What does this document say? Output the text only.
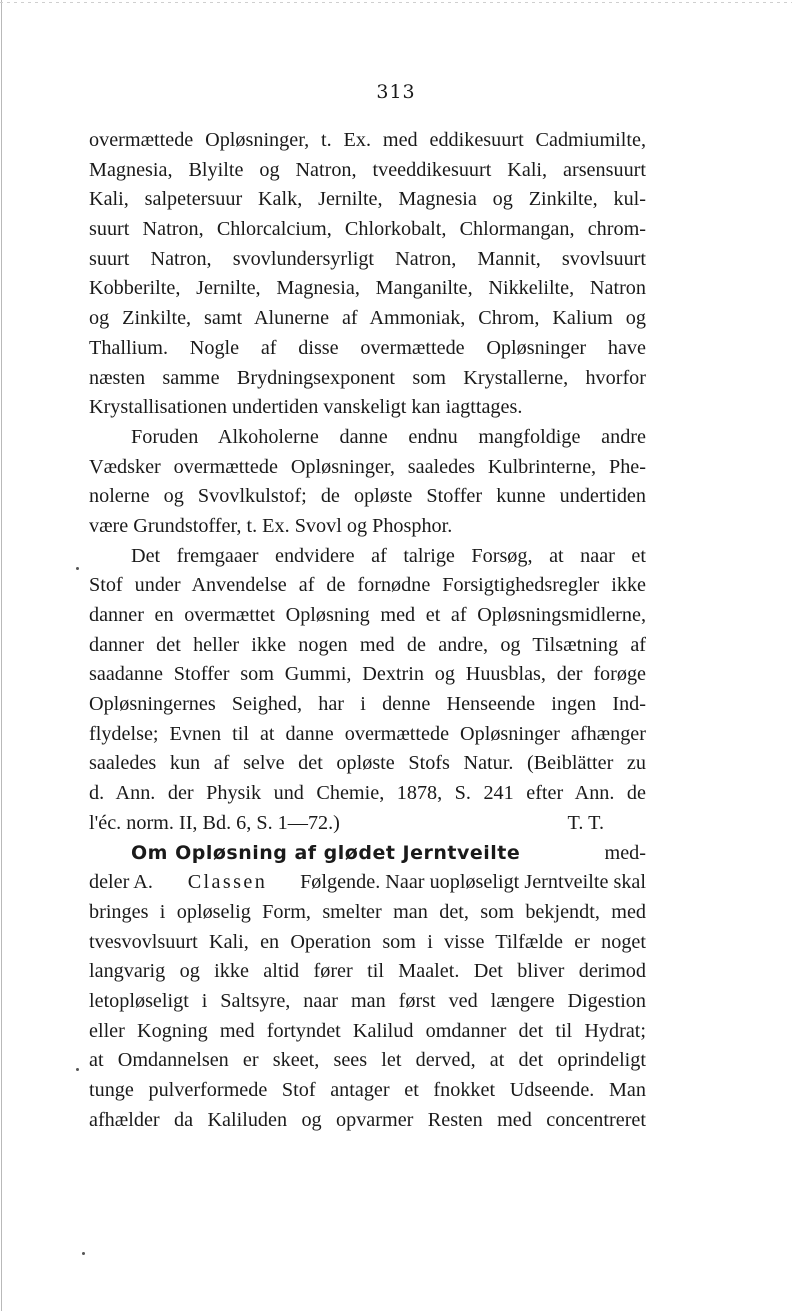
313
overmættede Opløsninger, t. Ex. med eddikesuurt Cadmiumilte,
Magnesia, Blyilte og Natron, tveeddikesuurt Kali, arsensuurt
Kali, salpetersuur Kalk, Jernilte, Magnesia og Zinkilte, kul-
suurt Natron, Chlorcalcium, Chlorkobalt, Chlormangan, chrom-
suurt Natron, svovlundersyrligt Natron, Mannit, svovlsuurt
Kobberilte, Jernilte, Magnesia, Manganilte, Nikkelilte, Natron
og Zinkilte, samt Alunerne af Ammoniak, Chrom, Kalium og
Thallium. Nogle af disse overmættede Opløsninger have
næsten samme Brydningsexponent som Krystallerne, hvorfor
Krystallisationen undertiden vanskeligt kan iagttages.
Foruden Alkoholerne danne endnu mangfoldige andre
Vædsker overmættede Opløsninger, saaledes Kulbrinterne, Phe-
nolerne og Svovlkulstof; de opløste Stoffer kunne undertiden
være Grundstoffer, t. Ex. Svovl og Phosphor.
Det fremgaaer endvidere af talrige Forsøg, at naar et
Stof under Anvendelse af de fornødne Forsigtighedsregler ikke
danner en overmættet Opløsning med et af Opløsningsmidlerne,
danner det heller ikke nogen med de andre, og Tilsætning af
saadanne Stoffer som Gummi, Dextrin og Huusblas, der forøge
Opløsningernes Seighed, har i denne Henseende ingen Ind-
flydelse; Evnen til at danne overmættede Opløsninger afhænger
saaledes kun af selve det opløste Stofs Natur. (Beiblätter zu
d. Ann. der Physik und Chemie, 1878, S. 241 efter Ann. de
l'éc. norm. II, Bd. 6, S. 1—72.)	T. T.
Om Opløsning af glødet Jerntveilte	med-
deler A. Classen Følgende. Naar uopløseligt Jerntveilte skal
bringes i opløselig Form, smelter man det, som bekjendt, med
tvesvovlsuurt Kali, en Operation som i visse Tilfælde er noget
langvarig og ikke altid fører til Maalet. Det bliver derimod
letopløseligt i Saltsyre, naar man først ved længere Digestion
eller Kogning med fortyndet Kalilud omdanner det til Hydrat;
at Omdannelsen er skeet, sees let derved, at det oprindeligt
tunge pulverformede Stof antager et fnokket Udseende. Man
afhælder da Kaliluden og opvarmer Resten med concentreret
